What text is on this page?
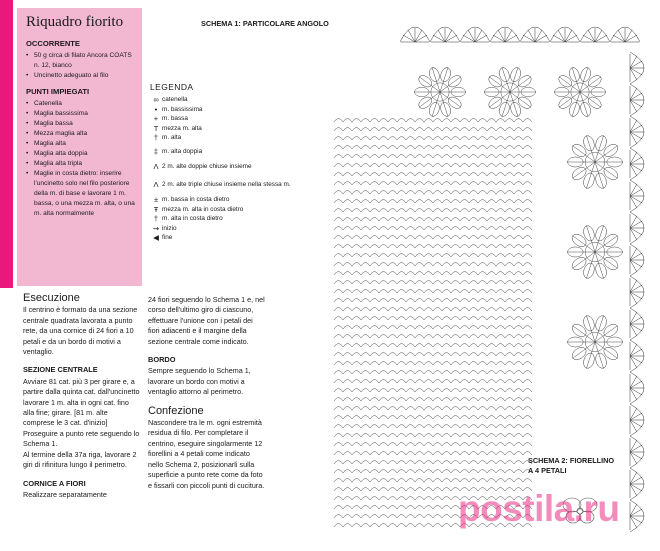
Riquadro fiorito
OCCORRENTE
• 50 g circa di filato Ancora COATS n. 12, bianco
• Uncinetto adeguato al filo
PUNTI IMPIEGATI
• Catenella
• Maglia bassissima
• Maglia bassa
• Mezza maglia alta
• Maglia alta
• Maglia alta doppia
• Maglia alta tripla
• Maglie in costa dietro: inserire l'uncinetto solo nel filo posteriore della m. di base e lavorare 1 m. bassa, o una mezza m. alta, o una m. alta normalmente
SCHEMA 1: PARTICOLARE ANGOLO
LEGENDA
∞ catenella
• m. bassissima
+ m. bassa
T mezza m. alta
† m. alta
‡ m. alta doppia
Λ 2 m. alte doppie chiuse insieme
Λ 2 m. alte triple chiuse insieme nella stessa m.
± m. bassa in costa dietro
Ŧ mezza m. alta in costa dietro
† m. alta in costa dietro
⇝ inizio
◀ fine
Esecuzione

Il centrino è formato da una sezione centrale quadrata lavorata a punto rete, da una cornice di 24 fiori a 10 petali e da un bordo di motivi a ventaglio.

SEZIONE CENTRALE

Avviare 81 cat. più 3 per girare e, a partire dalla quinta cat. dall'uncinetto lavorare 1 m. alta in ogni cat. fino alla fine; girare. [81 m. alte comprese le 3 cat. d'inizio]

Proseguire a punto rete seguendo lo Schema 1.

Al termine della 37a riga, lavorare 2 giri di rifinitura lungo il perimetro.

CORNICE A FIORI

Realizzare separatamente

24 fiori seguendo lo Schema 1 e, nel corso dell'ultimo giro di ciascuno, effettuare l'unione con i petali dei fiori adiacenti e il margine della sezione centrale come indicato.

BORDO

Sempre seguendo lo Schema 1, lavorare un bordo con motivi a ventaglio attorno al perimetro.

Confezione

Nascondere tra le m. ogni estremità residua di filo. Per completare il centrino, eseguire singolarmente 12 fiorellini a 4 petali come indicato nello Schema 2, posizionarli sulla superficie a punto rete come da foto e fissarli con piccoli punti di cucitura.

SCHEMA 2: FIORELLINO
A 4 PETALI
postila.ru
